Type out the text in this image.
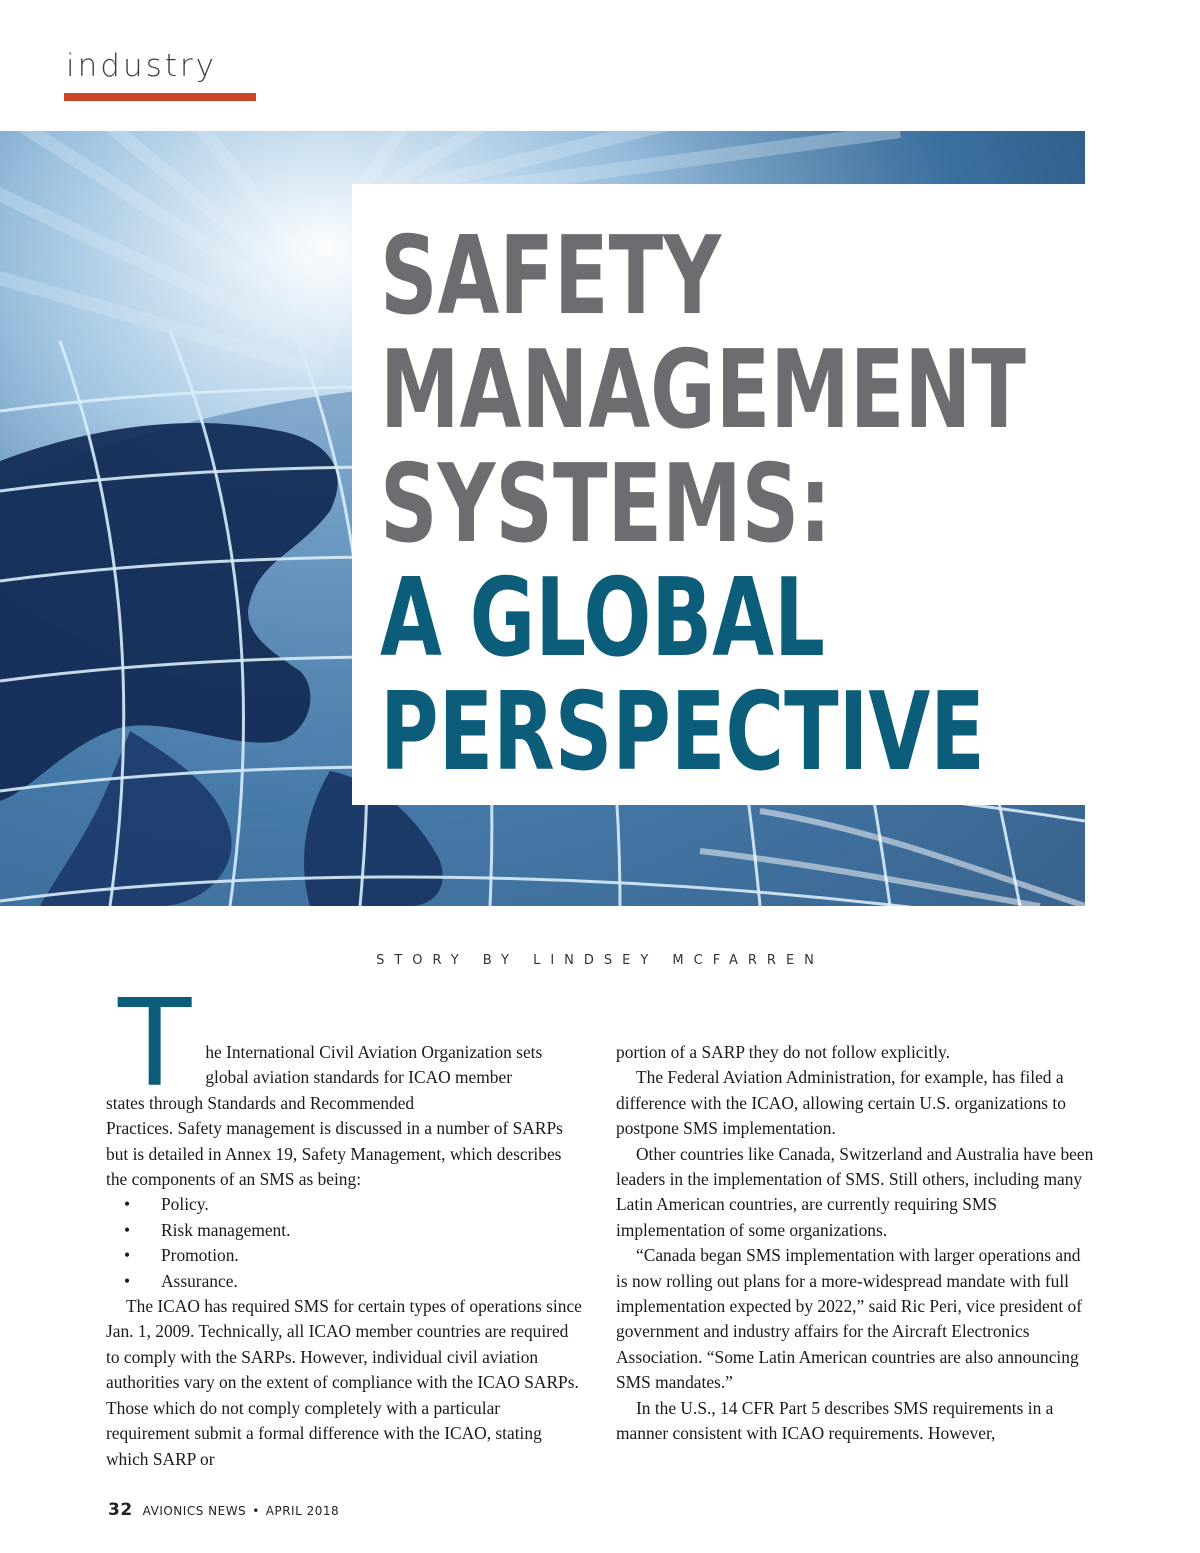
industry
SAFETY
MANAGEMENT
SYSTEMS:
A GLOBAL
PERSPECTIVE
STORY BY LINDSEY MCFARREN
T he International Civil Aviation Organization sets
global aviation standards for ICAO member
states through Standards and Recommended

Practices. Safety management is discussed in a number of SARPs but is detailed in Annex 19, Safety Management, which describes the components of an SMS as being:

• Policy.
• Risk management.
• Promotion.
• Assurance.

The ICAO has required SMS for certain types of operations since Jan. 1, 2009. Technically, all ICAO member countries are required to comply with the SARPs. However, individual civil aviation authorities vary on the extent of compliance with the ICAO SARPs. Those which do not comply completely with a particular requirement submit a formal difference with the ICAO, stating which SARP or

portion of a SARP they do not follow explicitly.

The Federal Aviation Administration, for example, has filed a difference with the ICAO, allowing certain U.S. organizations to postpone SMS implementation.

Other countries like Canada, Switzerland and Australia have been leaders in the implementation of SMS. Still others, including many Latin American countries, are currently requiring SMS implementation of some organizations.

“Canada began SMS implementation with larger operations and is now rolling out plans for a more-widespread mandate with full implementation expected by 2022,” said Ric Peri, vice president of government and industry affairs for the Aircraft Electronics Association. “Some Latin American countries are also announcing SMS mandates.”

In the U.S., 14 CFR Part 5 describes SMS requirements in a manner consistent with ICAO requirements. However,

32 AVIONICS NEWS • APRIL 2018
